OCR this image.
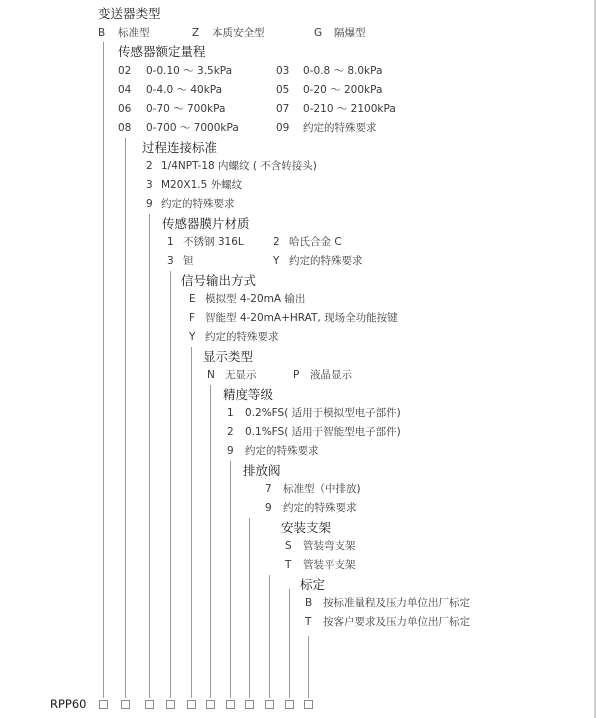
变送器类型
B 标准型	Z 本质安全型	G 隔爆型
传感器额定量程
02 0-0.10 ～ 3.5kPa	03 0-0.8 ～ 8.0kPa
04 0-4.0 ～ 40kPa	05 0-20 ～ 200kPa
06 0-70 ～ 700kPa	07 0-210 ～ 2100kPa
08 0-700 ～ 7000kPa	09 约定的特殊要求
过程连接标准
2 1/4NPT-18 内螺纹 ( 不含转接头)
3 M20X1.5 外螺纹
9 约定的特殊要求
传感器膜片材质
1 不锈钢 316L	2 哈氏合金 C
3 钽	Y 约定的特殊要求
信号输出方式
E 模拟型 4-20mA 输出
F 智能型 4-20mA+HRAT, 现场全功能按键
Y 约定的特殊要求
显示类型
N 无显示	P 液晶显示
精度等级
1 0.2%FS( 适用于模拟型电子部件)
2 0.1%FS( 适用于智能型电子部件)
9 约定的特殊要求
排放阀
7 标准型（中排放)
9 约定的特殊要求
安装支架
S 管装弯支架
T 管装平支架
标定
B 按标准量程及压力单位出厂标定
T 按客户要求及压力单位出厂标定
RPP60
